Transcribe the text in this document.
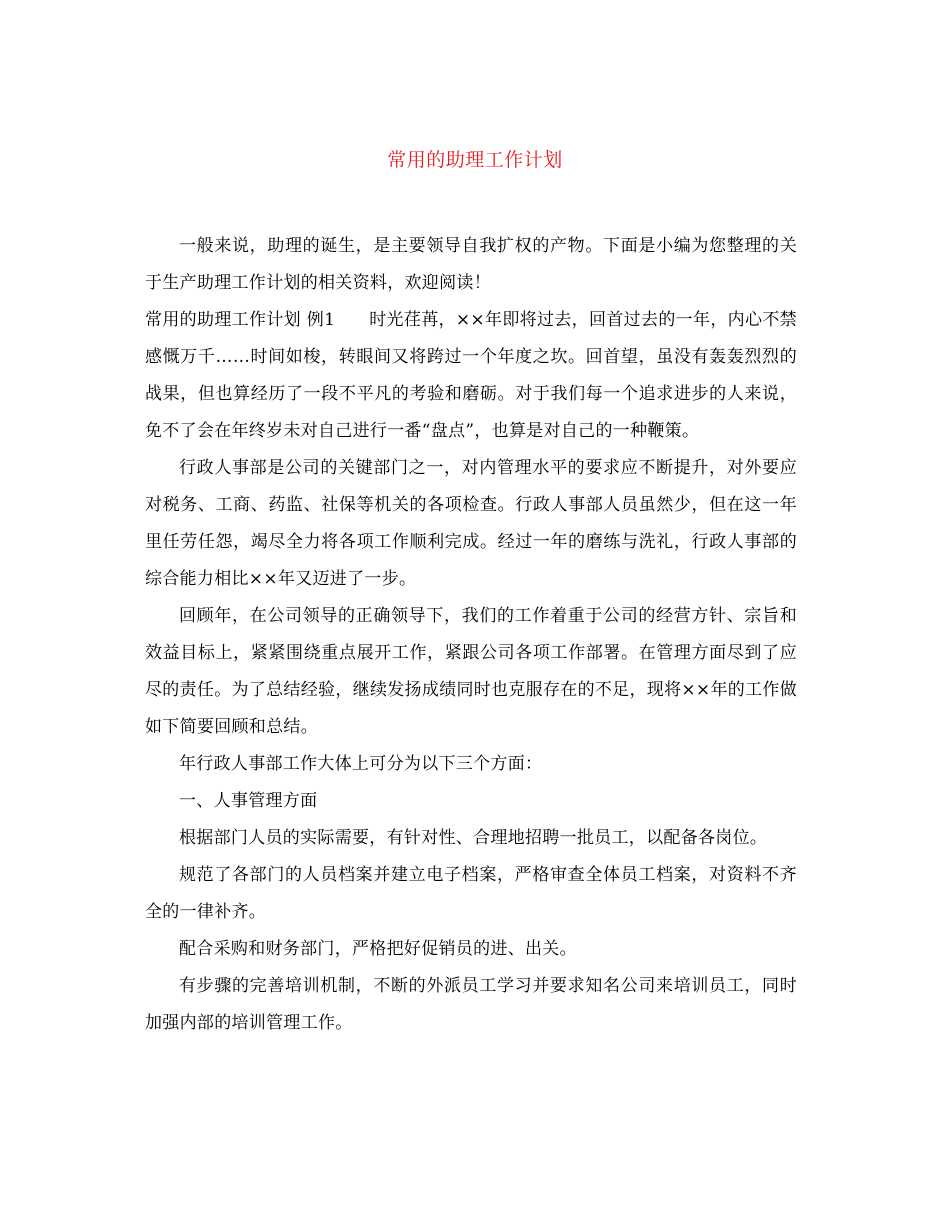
常用的助理工作计划

一般来说，助理的诞生，是主要领导自我扩权的产物。下面是小编为您整理的关于生产助理工作计划的相关资料，欢迎阅读！

常用的助理工作计划 例1 时光荏苒，××年即将过去，回首过去的一年，内心不禁感慨万千……时间如梭，转眼间又将跨过一个年度之坎。回首望，虽没有轰轰烈烈的战果，但也算经历了一段不平凡的考验和磨砺。对于我们每一个追求进步的人来说，免不了会在年终岁未对自己进行一番“盘点”，也算是对自己的一种鞭策。

行政人事部是公司的关键部门之一，对内管理水平的要求应不断提升，对外要应对税务、工商、药监、社保等机关的各项检查。行政人事部人员虽然少，但在这一年里任劳任怨，竭尽全力将各项工作顺利完成。经过一年的磨练与洗礼，行政人事部的综合能力相比××年又迈进了一步。

回顾年，在公司领导的正确领导下，我们的工作着重于公司的经营方针、宗旨和效益目标上，紧紧围绕重点展开工作，紧跟公司各项工作部署。在管理方面尽到了应尽的责任。为了总结经验，继续发扬成绩同时也克服存在的不足，现将××年的工作做如下简要回顾和总结。

年行政人事部工作大体上可分为以下三个方面：

一、人事管理方面

根据部门人员的实际需要，有针对性、合理地招聘一批员工，以配备各岗位。

规范了各部门的人员档案并建立电子档案，严格审查全体员工档案，对资料不齐全的一律补齐。

配合采购和财务部门，严格把好促销员的进、出关。

有步骤的完善培训机制，不断的外派员工学习并要求知名公司来培训员工，同时加强内部的培训管理工作。
